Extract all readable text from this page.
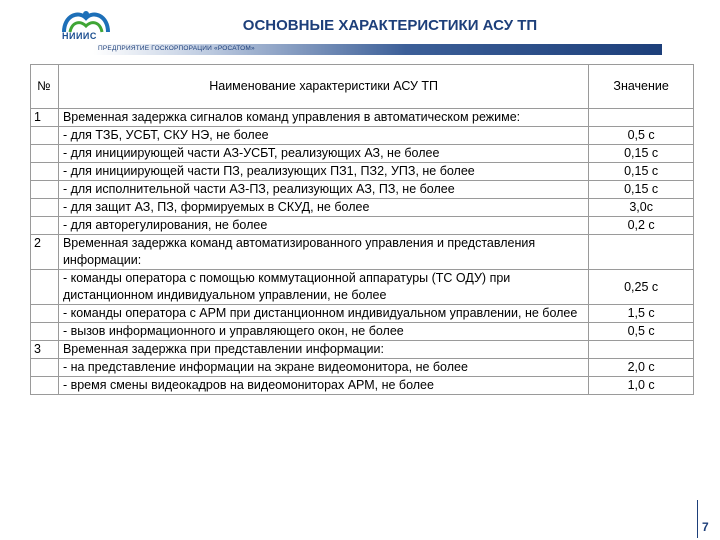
НИИИС
ОСНОВНЫЕ ХАРАКТЕРИСТИКИ АСУ ТП
ПРЕДПРИЯТИЕ ГОСКОРПОРАЦИИ «РОСАТОМ»
№	Наименование характеристики АСУ ТП	Значение
1	Временная задержка сигналов команд управления в автоматическом режиме:	
	- для ТЗБ, УСБТ, СКУ НЭ, не более	0,5 с
	- для инициирующей части АЗ-УСБТ, реализующих АЗ, не более	0,15 с
	- для инициирующей части ПЗ, реализующих ПЗ1, ПЗ2, УПЗ, не более	0,15 с
	- для исполнительной части АЗ-ПЗ, реализующих АЗ, ПЗ, не более	0,15 с
	- для защит АЗ, ПЗ, формируемых в СКУД, не более	3,0с
	- для авторегулирования, не более	0,2 с
2	Временная задержка команд автоматизированного управления и представления информации:	
	- команды оператора с помощью коммутационной аппаратуры (ТС ОДУ) при дистанционном индивидуальном управлении, не более	0,25 с
	- команды оператора с АРМ при дистанционном индивидуальном управлении, не более	1,5 с
	- вызов информационного и управляющего окон, не более	0,5 с
3	Временная задержка при представлении информации:	
	- на представление информации на экране видеомонитора, не более	2,0 с
	- время смены видеокадров на видеомониторах АРМ, не более	1,0 с
7
